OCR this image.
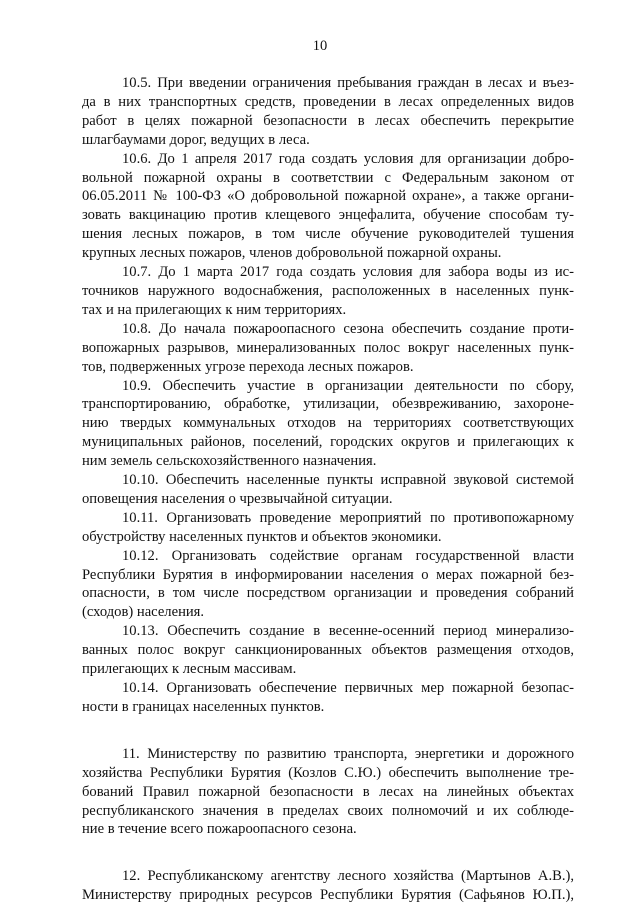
10

10.5. При введении ограничения пребывания граждан в лесах и въез-
да в них транспортных средств, проведении в лесах определенных видов
работ в целях пожарной безопасности в лесах обеспечить перекрытие
шлагбаумами дорог, ведущих в леса.

10.6. До 1 апреля 2017 года создать условия для организации добро-
вольной пожарной охраны в соответствии с Федеральным законом от
06.05.2011 № 100-ФЗ «О добровольной пожарной охране», а также органи-
зовать вакцинацию против клещевого энцефалита, обучение способам ту-
шения лесных пожаров, в том числе обучение руководителей тушения
крупных лесных пожаров, членов добровольной пожарной охраны.

10.7. До 1 марта 2017 года создать условия для забора воды из ис-
точников наружного водоснабжения, расположенных в населенных пунк-
тах и на прилегающих к ним территориях.

10.8. До начала пожароопасного сезона обеспечить создание проти-
вопожарных разрывов, минерализованных полос вокруг населенных пунк-
тов, подверженных угрозе перехода лесных пожаров.

10.9. Обеспечить участие в организации деятельности по сбору,
транспортированию, обработке, утилизации, обезвреживанию, захороне-
нию твердых коммунальных отходов на территориях соответствующих
муниципальных районов, поселений, городских округов и прилегающих к
ним земель сельскохозяйственного назначения.

10.10. Обеспечить населенные пункты исправной звуковой системой
оповещения населения о чрезвычайной ситуации.

10.11. Организовать проведение мероприятий по противопожарному
обустройству населенных пунктов и объектов экономики.

10.12. Организовать содействие органам государственной власти
Республики Бурятия в информировании населения о мерах пожарной без-
опасности, в том числе посредством организации и проведения собраний
(сходов) населения.

10.13. Обеспечить создание в весенне-осенний период минерализо-
ванных полос вокруг санкционированных объектов размещения отходов,
прилегающих к лесным массивам.

10.14. Организовать обеспечение первичных мер пожарной безопас-
ности в границах населенных пунктов.

11. Министерству по развитию транспорта, энергетики и дорожного
хозяйства Республики Бурятия (Козлов С.Ю.) обеспечить выполнение тре-
бований Правил пожарной безопасности в лесах на линейных объектах
республиканского значения в пределах своих полномочий и их соблюде-
ние в течение всего пожароопасного сезона.

12. Республиканскому агентству лесного хозяйства (Мартынов А.В.),
Министерству природных ресурсов Республики Бурятия (Сафьянов Ю.П.),
